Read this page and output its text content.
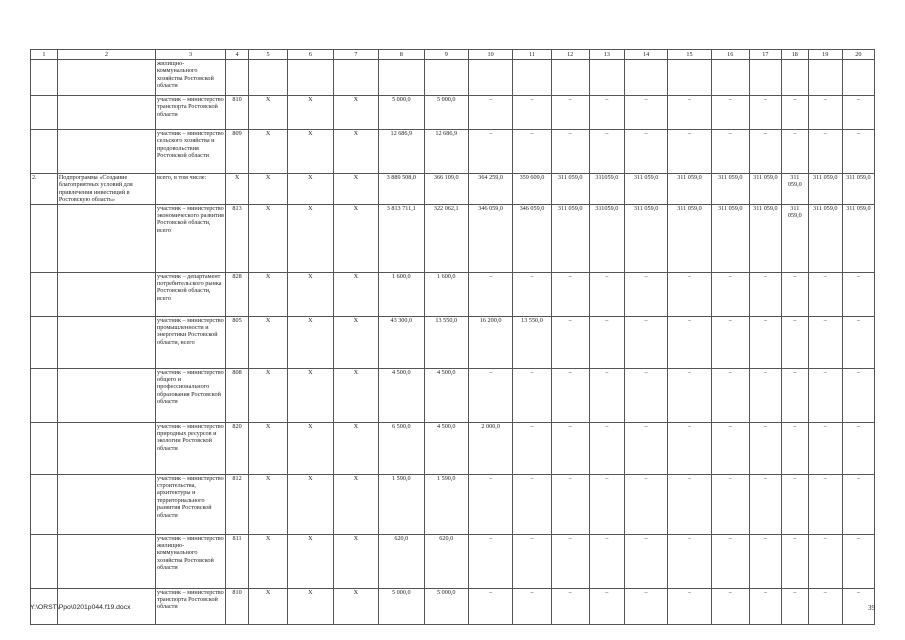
1	2	3	4	5	6	7	8	9	10	11	12	13	14	15	16	17	18	19	20
		жилищно-коммунального хозяйства Ростовской области																	
		участник – министерство транспорта Ростовской области	810	X	X	X	5 000,0	5 000,0	–	–	–	–	–	–	–	–	–	–	–
		участник – министерство сельского хозяйства и продовольствия Ростовской области	809	X	X	X	12 686,9	12 686,9	–	–	–	–	–	–	–	–	–	–	–
2.	Подпрограмма «Создание благоприятных условий для привлечения инвестиций в Ростовскую область»	всего, в том числе:	X	X	X	X	3 889 508,0	366 109,0	364 259,0	359 609,0	311 059,0	311059,0	311 059,0	311 059,0	311 059,0	311 059,0	311 059,0	311 059,0	311 059,0
		участник – министерство экономического развития Ростовской области, всего	813	X	X	X	3 813 711,1	322 062,1	346 059,0	346 059,0	311 059,0	311059,0	311 059,0	311 059,0	311 059,0	311 059,0	311 059,0	311 059,0	311 059,0
		участник – департамент потребительского рынка Ростовской области, всего	828	X	X	X	1 600,0	1 600,0	–	–	–	–	–	–	–	–	–	–	–
		участник – министерство промышленности и энергетики Ростовской области, всего	805	X	X	X	43 300,0	13 550,0	16 200,0	13 550,0	–	–	–	–	–	–	–	–	–
		участник – министерство общего и профессионального образования Ростовской области	808	X	X	X	4 500,0	4 500,0	–	–	–	–	–	–	–	–	–	–	–
		участник – министерство природных ресурсов и экологии Ростовской области	820	X	X	X	6 500,0	4 500,0	2 000,0	–	–	–	–	–	–	–	–	–	–
		участник – министерство строительства, архитектуры и территориального развития Ростовской области	812	X	X	X	1 590,0	1 590,0	–	–	–	–	–	–	–	–	–	–	–
		участник – министерство жилищно-коммунального хозяйства Ростовской области	811	X	X	X	620,0	620,0	–	–	–	–	–	–	–	–	–	–	–
		участник – министерство транспорта Ростовской области	810	X	X	X	5 000,0	5 000,0	–	–	–	–	–	–	–	–	–	–	–
Y:\ORST\Ppo\0201p044.f19.docx	39
